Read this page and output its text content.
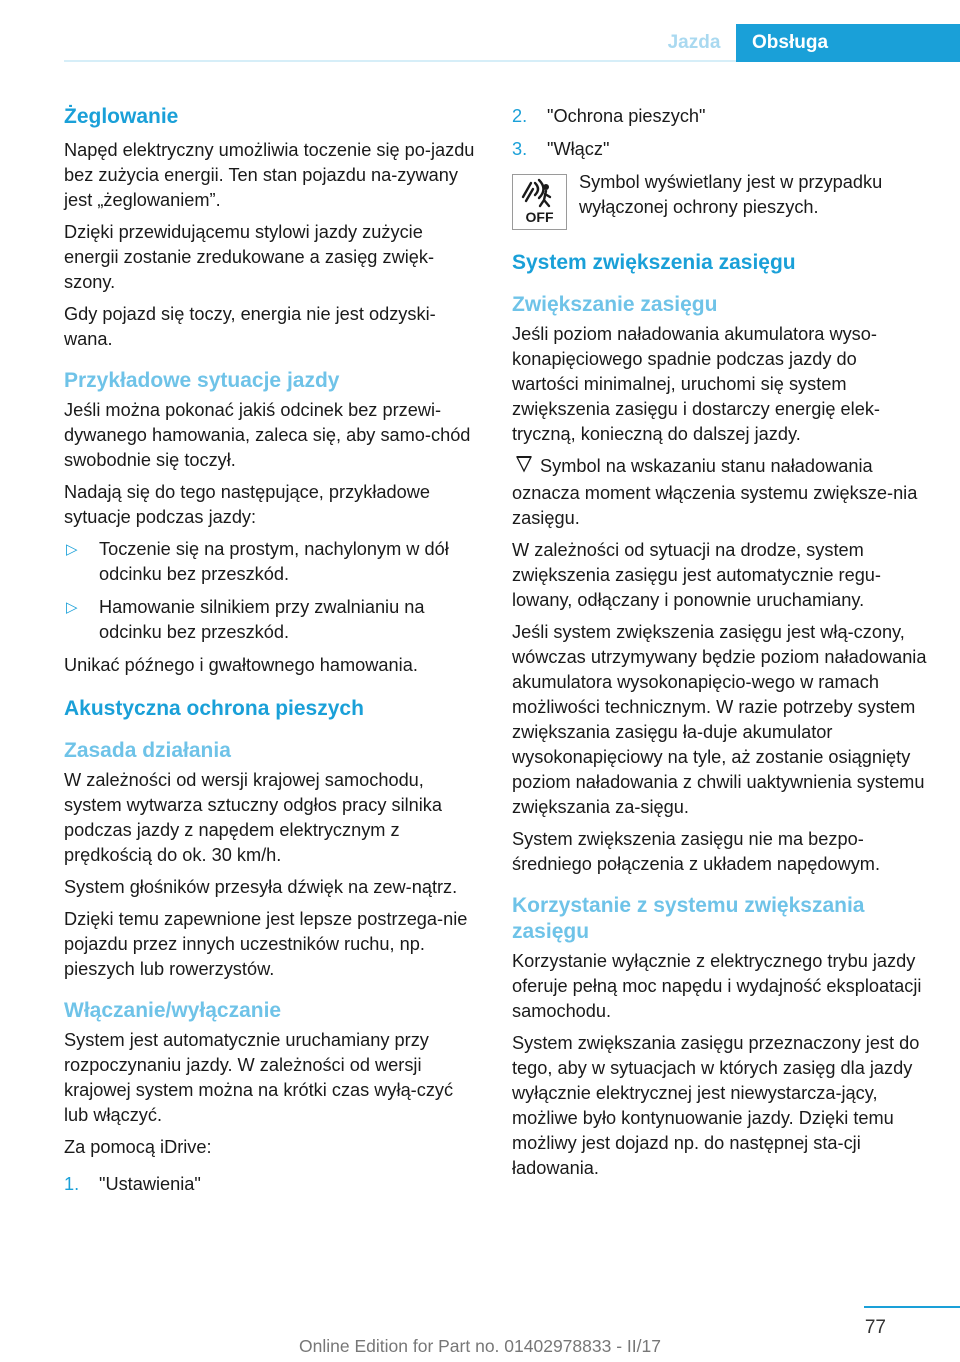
Jazda	Obsługa
Żeglowanie

Napęd elektryczny umożliwia toczenie się po‐jazdu bez zużycia energii. Ten stan pojazdu na‐zywany jest „żeglowaniem”.

Dzięki przewidującemu stylowi jazdy zużycie energii zostanie zredukowane a zasięg zwięk‐szony.

Gdy pojazd się toczy, energia nie jest odzyski‐wana.

Przykładowe sytuacje jazdy

Jeśli można pokonać jakiś odcinek bez przewi‐dywanego hamowania, zaleca się, aby samo‐chód swobodnie się toczył.

Nadają się do tego następujące, przykładowe sytuacje podczas jazdy:

▷ Toczenie się na prostym, nachylonym w dół odcinku bez przeszkód.
▷ Hamowanie silnikiem przy zwalnianiu na odcinku bez przeszkód.

Unikać późnego i gwałtownego hamowania.

Akustyczna ochrona pieszych
Zasada działania

W zależności od wersji krajowej samochodu, system wytwarza sztuczny odgłos pracy silnika podczas jazdy z napędem elektrycznym z prędkością do ok. 30 km/h.

System głośników przesyła dźwięk na zew‐nątrz.

Dzięki temu zapewnione jest lepsze postrzega‐nie pojazdu przez innych uczestników ruchu, np. pieszych lub rowerzystów.

Włączanie/wyłączanie

System jest automatycznie uruchamiany przy rozpoczynaniu jazdy. W zależności od wersji krajowej system można na krótki czas wyłą‐czyć lub włączyć.

Za pomocą iDrive:

1. "Ustawienia"
2. "Ochrona pieszych"
3. "Włącz"
OFF
Symbol wyświetlany jest w przypadku wyłączonej ochrony pieszych.
System zwiększenia zasięgu
Zwiększanie zasięgu

Jeśli poziom naładowania akumulatora wyso‐konapięciowego spadnie podczas jazdy do wartości minimalnej, uruchomi się system zwiększenia zasięgu i dostarczy energię elek‐tryczną, konieczną do dalszej jazdy.

Symbol na wskazaniu stanu naładowania oznacza moment włączenia systemu zwiększe‐nia zasięgu.

W zależności od sytuacji na drodze, system zwiększenia zasięgu jest automatycznie regu‐lowany, odłączany i ponownie uruchamiany.

Jeśli system zwiększenia zasięgu jest włą‐czony, wówczas utrzymywany będzie poziom naładowania akumulatora wysokonapięcio‐wego w ramach możliwości technicznym. W razie potrzeby system zwiększania zasięgu ła‐duje akumulator wysokonapięciowy na tyle, aż zostanie osiągnięty poziom naładowania z chwili uaktywnienia systemu zwiększania za‐sięgu.

System zwiększenia zasięgu nie ma bezpo‐średniego połączenia z układem napędowym.

Korzystanie z systemu zwiększania zasięgu

Korzystanie wyłącznie z elektrycznego trybu jazdy oferuje pełną moc napędu i wydajność eksploatacji samochodu.

System zwiększania zasięgu przeznaczony jest do tego, aby w sytuacjach w których zasięg dla jazdy wyłącznie elektrycznej jest niewystarcza‐jący, możliwe było kontynuowanie jazdy. Dzięki temu możliwy jest dojazd np. do następnej sta‐cji ładowania.

77
Online Edition for Part no. 01402978833 - II/17
